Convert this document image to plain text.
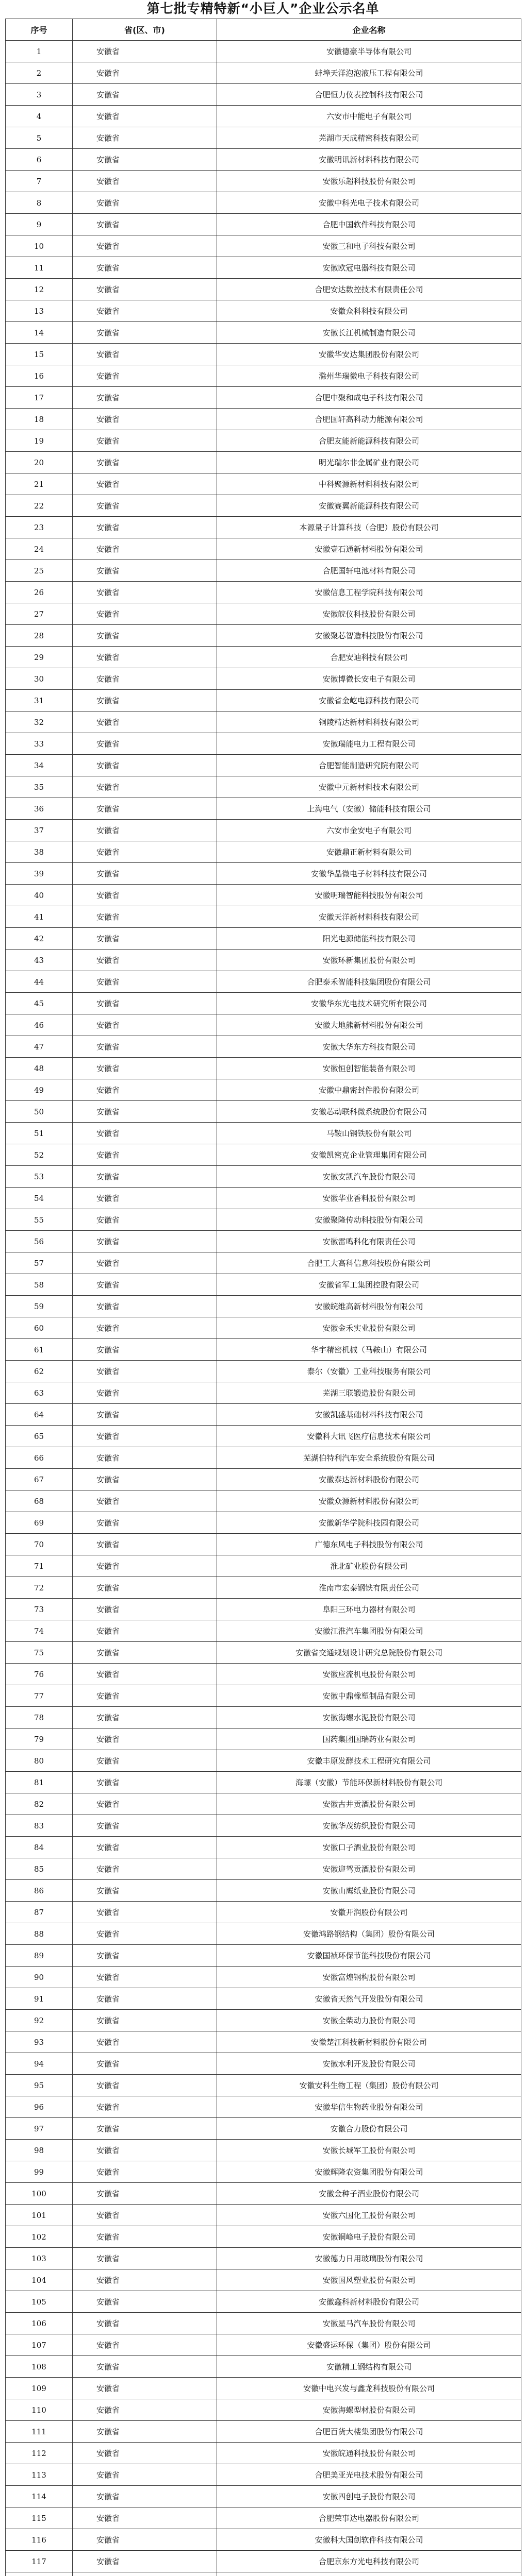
第七批专精特新“小巨人”企业公示名单
序号	省(区、市)	企业名称
1	安徽省	安徽德豪半导体有限公司
2	安徽省	蚌埠天洋泡泡液压工程有限公司
3	安徽省	合肥恒力仪表控制科技有限公司
4	安徽省	六安市中能电子有限公司
5	安徽省	芜湖市天成精密科技有限公司
6	安徽省	安徽明讯新材料科技有限公司
7	安徽省	安徽乐超科技股份有限公司
8	安徽省	安徽中科光电子技术有限公司
9	安徽省	合肥中国软件科技有限公司
10	安徽省	安徽三和电子科技有限公司
11	安徽省	安徽欧冠电器科技有限公司
12	安徽省	合肥安达数控技术有限责任公司
13	安徽省	安徽众科科技有限公司
14	安徽省	安徽长江机械制造有限公司
15	安徽省	安徽华安达集团股份有限公司
16	安徽省	滁州华瑞微电子科技有限公司
17	安徽省	合肥中聚和成电子科技有限公司
18	安徽省	合肥国轩高科动力能源有限公司
19	安徽省	合肥友能新能源科技有限公司
20	安徽省	明光瑞尔非金属矿业有限公司
21	安徽省	中科聚源新材料科技有限公司
22	安徽省	安徽赛翼新能源科技有限公司
23	安徽省	本源量子计算科技（合肥）股份有限公司
24	安徽省	安徽壹石通新材料股份有限公司
25	安徽省	合肥国轩电池材料有限公司
26	安徽省	安徽信息工程学院科技有限公司
27	安徽省	安徽皖仪科技股份有限公司
28	安徽省	安徽聚芯智造科技股份有限公司
29	安徽省	合肥安迪科技有限公司
30	安徽省	安徽博微长安电子有限公司
31	安徽省	安徽省金屹电源科技有限公司
32	安徽省	铜陵精达新材料科技有限公司
33	安徽省	安徽瑞能电力工程有限公司
34	安徽省	合肥智能制造研究院有限公司
35	安徽省	安徽中元新材料技术有限公司
36	安徽省	上海电气（安徽）储能科技有限公司
37	安徽省	六安市金安电子有限公司
38	安徽省	安徽鼎正新材料有限公司
39	安徽省	安徽华晶微电子材料科技有限公司
40	安徽省	安徽明瑞智能科技股份有限公司
41	安徽省	安徽天洋新材料科技有限公司
42	安徽省	阳光电源储能科技有限公司
43	安徽省	安徽环新集团股份有限公司
44	安徽省	合肥泰禾智能科技集团股份有限公司
45	安徽省	安徽华东光电技术研究所有限公司
46	安徽省	安徽大地熊新材料股份有限公司
47	安徽省	安徽大华东方科技有限公司
48	安徽省	安徽恒创智能装备有限公司
49	安徽省	安徽中鼎密封件股份有限公司
50	安徽省	安徽芯动联科微系统股份有限公司
51	安徽省	马鞍山钢铁股份有限公司
52	安徽省	安徽凯密克企业管理集团有限公司
53	安徽省	安徽安凯汽车股份有限公司
54	安徽省	安徽华业香料股份有限公司
55	安徽省	安徽聚隆传动科技股份有限公司
56	安徽省	安徽雷鸣科化有限责任公司
57	安徽省	合肥工大高科信息科技股份有限公司
58	安徽省	安徽省军工集团控股有限公司
59	安徽省	安徽皖维高新材料股份有限公司
60	安徽省	安徽金禾实业股份有限公司
61	安徽省	华宇精密机械（马鞍山）有限公司
62	安徽省	泰尔（安徽）工业科技服务有限公司
63	安徽省	芜湖三联锻造股份有限公司
64	安徽省	安徽凯盛基础材料科技有限公司
65	安徽省	安徽科大讯飞医疗信息技术有限公司
66	安徽省	芜湖伯特利汽车安全系统股份有限公司
67	安徽省	安徽泰达新材料股份有限公司
68	安徽省	安徽众源新材料股份有限公司
69	安徽省	安徽新华学院科技园有限公司
70	安徽省	广德东风电子科技股份有限公司
71	安徽省	淮北矿业股份有限公司
72	安徽省	淮南市宏泰钢铁有限责任公司
73	安徽省	阜阳三环电力器材有限公司
74	安徽省	安徽江淮汽车集团股份有限公司
75	安徽省	安徽省交通规划设计研究总院股份有限公司
76	安徽省	安徽应流机电股份有限公司
77	安徽省	安徽中鼎橡塑制品有限公司
78	安徽省	安徽海螺水泥股份有限公司
79	安徽省	国药集团国瑞药业有限公司
80	安徽省	安徽丰原发酵技术工程研究有限公司
81	安徽省	海螺（安徽）节能环保新材料股份有限公司
82	安徽省	安徽古井贡酒股份有限公司
83	安徽省	安徽华茂纺织股份有限公司
84	安徽省	安徽口子酒业股份有限公司
85	安徽省	安徽迎驾贡酒股份有限公司
86	安徽省	安徽山鹰纸业股份有限公司
87	安徽省	安徽开润股份有限公司
88	安徽省	安徽鸿路钢结构（集团）股份有限公司
89	安徽省	安徽国祯环保节能科技股份有限公司
90	安徽省	安徽富煌钢构股份有限公司
91	安徽省	安徽省天然气开发股份有限公司
92	安徽省	安徽全柴动力股份有限公司
93	安徽省	安徽楚江科技新材料股份有限公司
94	安徽省	安徽水利开发股份有限公司
95	安徽省	安徽安科生物工程（集团）股份有限公司
96	安徽省	安徽华信生物药业股份有限公司
97	安徽省	安徽合力股份有限公司
98	安徽省	安徽长城军工股份有限公司
99	安徽省	安徽辉隆农资集团股份有限公司
100	安徽省	安徽金种子酒业股份有限公司
101	安徽省	安徽六国化工股份有限公司
102	安徽省	安徽铜峰电子股份有限公司
103	安徽省	安徽德力日用玻璃股份有限公司
104	安徽省	安徽国风塑业股份有限公司
105	安徽省	安徽鑫科新材料股份有限公司
106	安徽省	安徽星马汽车股份有限公司
107	安徽省	安徽盛运环保（集团）股份有限公司
108	安徽省	安徽精工钢结构有限公司
109	安徽省	安徽中电兴发与鑫龙科技股份有限公司
110	安徽省	安徽海螺型材股份有限公司
111	安徽省	合肥百货大楼集团股份有限公司
112	安徽省	安徽皖通科技股份有限公司
113	安徽省	合肥美亚光电技术股份有限公司
114	安徽省	安徽四创电子股份有限公司
115	安徽省	合肥荣事达电器股份有限公司
116	安徽省	安徽科大国创软件科技有限公司
117	安徽省	合肥京东方光电科技有限公司
